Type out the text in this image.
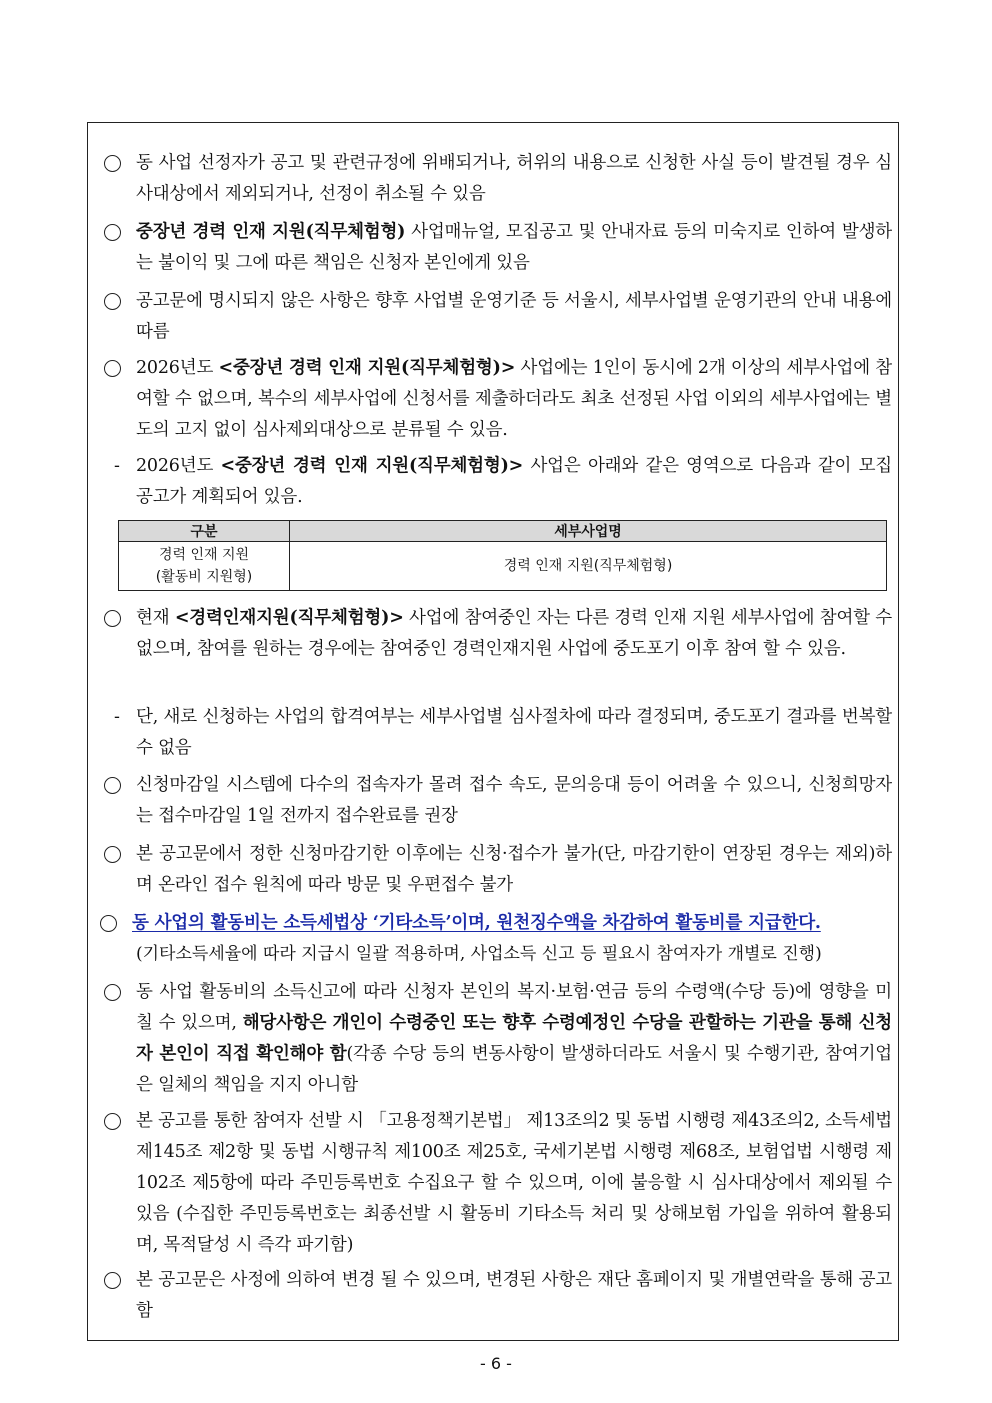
동 사업 선정자가 공고 및 관련규정에 위배되거나, 허위의 내용으로 신청한 사실 등이 발견될 경우 심사대상에서 제외되거나, 선정이 취소될 수 있음
중장년 경력 인재 지원(직무체험형) 사업매뉴얼, 모집공고 및 안내자료 등의 미숙지로 인하여 발생하는 불이익 및 그에 따른 책임은 신청자 본인에게 있음
공고문에 명시되지 않은 사항은 향후 사업별 운영기준 등 서울시, 세부사업별 운영기관의 안내 내용에 따름
2026년도 <중장년 경력 인재 지원(직무체험형)> 사업에는 1인이 동시에 2개 이상의 세부사업에 참여할 수 없으며, 복수의 세부사업에 신청서를 제출하더라도 최초 선정된 사업 이외의 세부사업에는 별도의 고지 없이 심사제외대상으로 분류될 수 있음.
- 2026년도 <중장년 경력 인재 지원(직무체험형)> 사업은 아래와 같은 영역으로 다음과 같이 모집 공고가 계획되어 있음.
구분	세부사업명

경력 인재 지원
(활동비 지원형)	경력 인재 지원(직무체험형)
현재 <경력인재지원(직무체험형)> 사업에 참여중인 자는 다른 경력 인재 지원 세부사업에 참여할 수 없으며, 참여를 원하는 경우에는 참여중인 경력인재지원 사업에 중도포기 이후 참여 할 수 있음.
- 단, 새로 신청하는 사업의 합격여부는 세부사업별 심사절차에 따라 결정되며, 중도포기 결과를 번복할 수 없음
신청마감일 시스템에 다수의 접속자가 몰려 접수 속도, 문의응대 등이 어려울 수 있으니, 신청희망자는 접수마감일 1일 전까지 접수완료를 권장
본 공고문에서 정한 신청마감기한 이후에는 신청·접수가 불가(단, 마감기한이 연장된 경우는 제외)하며 온라인 접수 원칙에 따라 방문 및 우편접수 불가
동 사업의 활동비는 소득세법상 ‘기타소득’이며, 원천징수액을 차감하여 활동비를 지급한다.
(기타소득세율에 따라 지급시 일괄 적용하며, 사업소득 신고 등 필요시 참여자가 개별로 진행)
동 사업 활동비의 소득신고에 따라 신청자 본인의 복지·보험·연금 등의 수령액(수당 등)에 영향을 미칠 수 있으며, 해당사항은 개인이 수령중인 또는 향후 수령예정인 수당을 관할하는 기관을 통해 신청자 본인이 직접 확인해야 함(각종 수당 등의 변동사항이 발생하더라도 서울시 및 수행기관, 참여기업은 일체의 책임을 지지 아니함
본 공고를 통한 참여자 선발 시 「고용정책기본법」 제13조의2 및 동법 시행령 제43조의2, 소득세법 제145조 제2항 및 동법 시행규칙 제100조 제25호, 국세기본법 시행령 제68조, 보험업법 시행령 제102조 제5항에 따라 주민등록번호 수집요구 할 수 있으며, 이에 불응할 시 심사대상에서 제외될 수 있음 (수집한 주민등록번호는 최종선발 시 활동비 기타소득 처리 및 상해보험 가입을 위하여 활용되며, 목적달성 시 즉각 파기함)
본 공고문은 사정에 의하여 변경 될 수 있으며, 변경된 사항은 재단 홈페이지 및 개별연락을 통해 공고함
- 6 -
